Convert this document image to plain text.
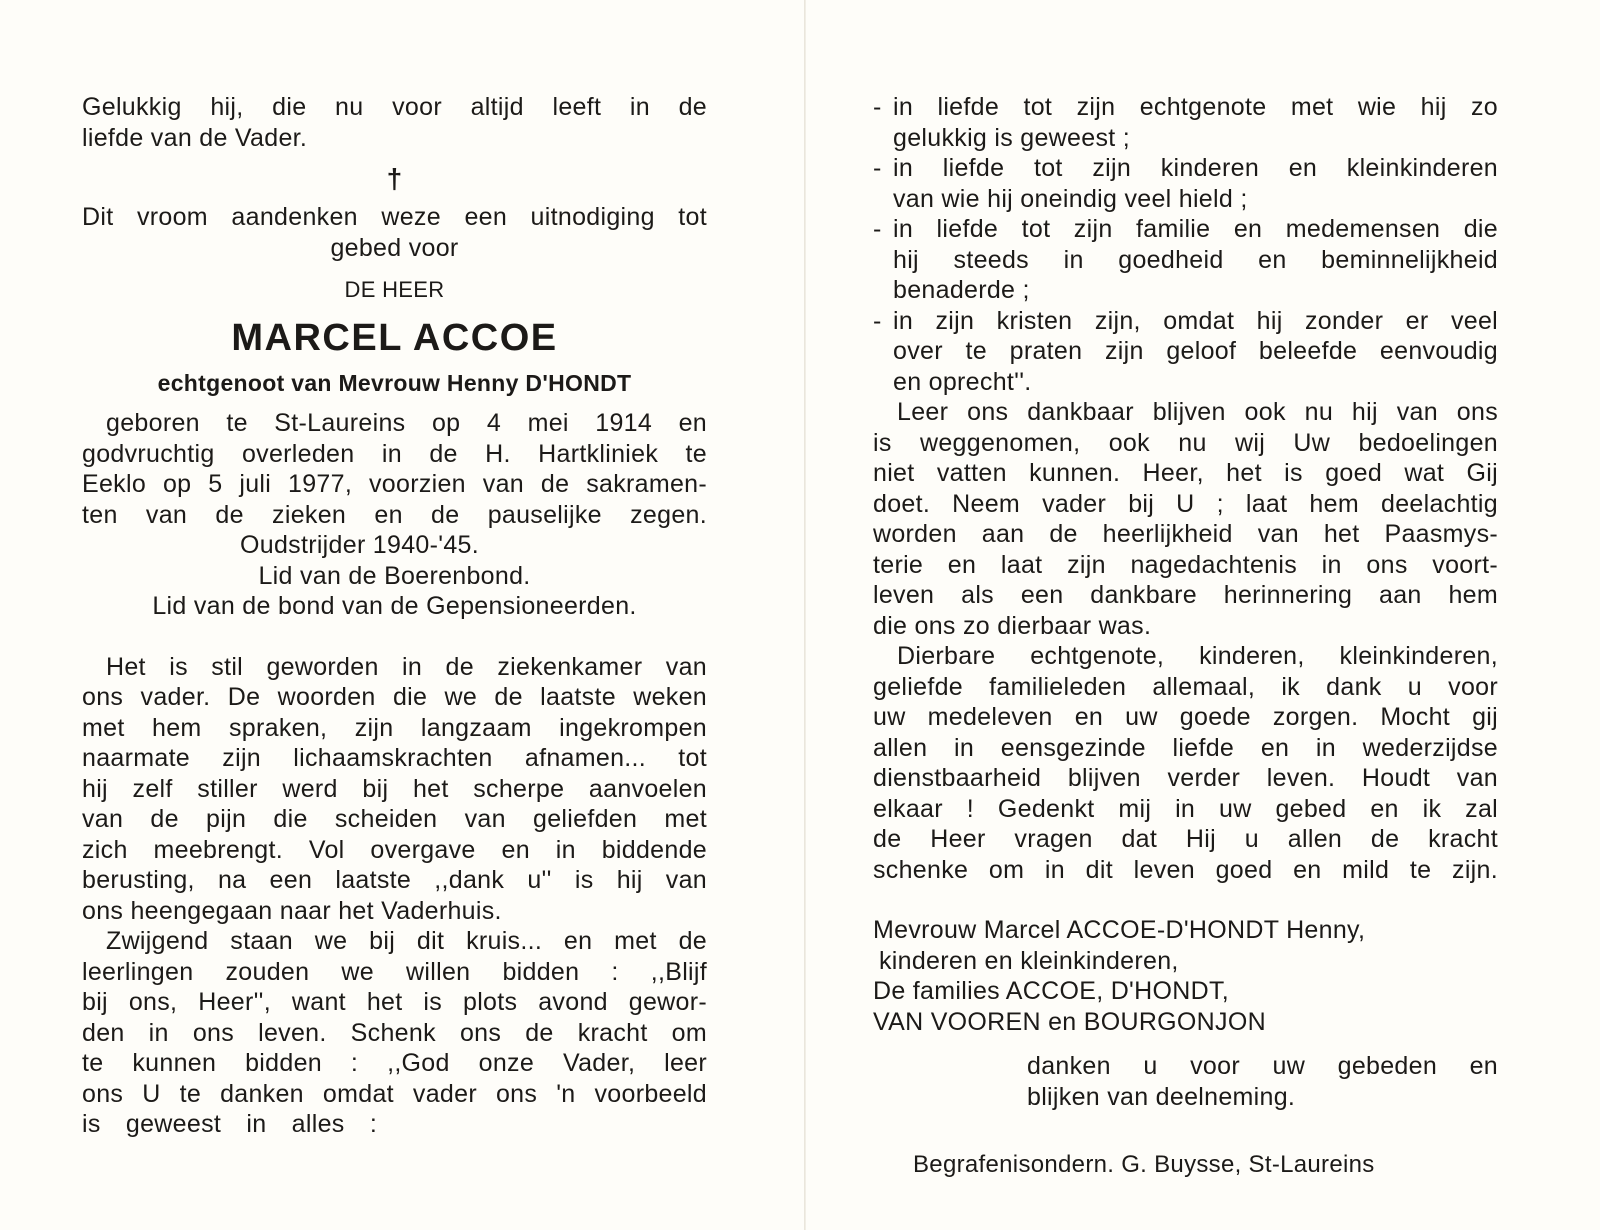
Gelukkig hij, die nu voor altijd leeft in de

liefde van de Vader.

†

Dit vroom aandenken weze een uitnodiging tot

gebed voor

DE HEER

MARCEL ACCOE

echtgenoot van Mevrouw Henny D'HONDT

geboren te St-Laureins op 4 mei 1914 en

godvruchtig overleden in de H. Hartkliniek te

Eeklo op 5 juli 1977, voorzien van de sakramen-

ten van de zieken en de pauselijke zegen.

Oudstrijder 1940-'45.

Lid van de Boerenbond.

Lid van de bond van de Gepensioneerden.

Het is stil geworden in de ziekenkamer van

ons vader. De woorden die we de laatste weken

met hem spraken, zijn langzaam ingekrompen

naarmate zijn lichaamskrachten afnamen... tot

hij zelf stiller werd bij het scherpe aanvoelen

van de pijn die scheiden van geliefden met

zich meebrengt. Vol overgave en in biddende

berusting, na een laatste ,,dank u'' is hij van

ons heengegaan naar het Vaderhuis.

Zwijgend staan we bij dit kruis... en met de

leerlingen zouden we willen bidden : ,,Blijf

bij ons, Heer'', want het is plots avond gewor-

den in ons leven. Schenk ons de kracht om

te kunnen bidden : ,,God onze Vader, leer

ons U te danken omdat vader ons 'n voorbeeld

is geweest in alles :

- in liefde tot zijn echtgenote met wie hij zo

gelukkig is geweest ;

- in liefde tot zijn kinderen en kleinkinderen

van wie hij oneindig veel hield ;

- in liefde tot zijn familie en medemensen die

hij steeds in goedheid en beminnelijkheid

benaderde ;

- in zijn kristen zijn, omdat hij zonder er veel

over te praten zijn geloof beleefde eenvoudig

en oprecht''.

Leer ons dankbaar blijven ook nu hij van ons

is weggenomen, ook nu wij Uw bedoelingen

niet vatten kunnen. Heer, het is goed wat Gij

doet. Neem vader bij U ; laat hem deelachtig

worden aan de heerlijkheid van het Paasmys-

terie en laat zijn nagedachtenis in ons voort-

leven als een dankbare herinnering aan hem

die ons zo dierbaar was.

Dierbare echtgenote, kinderen, kleinkinderen,

geliefde familieleden allemaal, ik dank u voor

uw medeleven en uw goede zorgen. Mocht gij

allen in eensgezinde liefde en in wederzijdse

dienstbaarheid blijven verder leven. Houdt van

elkaar ! Gedenkt mij in uw gebed en ik zal

de Heer vragen dat Hij u allen de kracht

schenke om in dit leven goed en mild te zijn.

Mevrouw Marcel ACCOE-D'HONDT Henny,

kinderen en kleinkinderen,

De families ACCOE, D'HONDT,

VAN VOOREN en BOURGONJON

danken u voor uw gebeden en

blijken van deelneming.

Begrafenisondern. G. Buysse, St-Laureins
